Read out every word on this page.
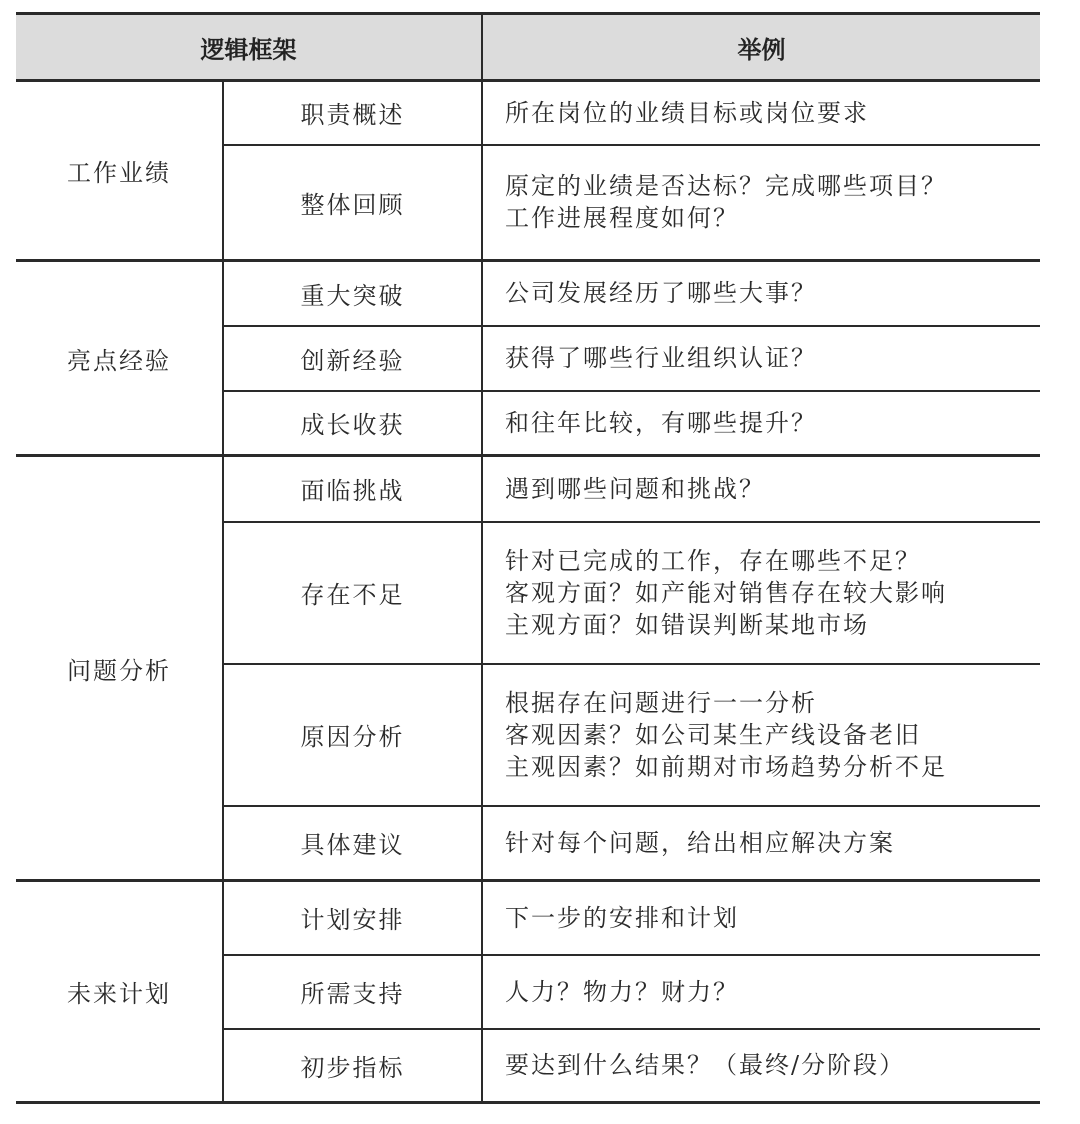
逻辑框架		举例
工作业绩	职责概述	所在岗位的业绩目标或岗位要求

	整体回顾	原定的业绩是否达标？完成哪些项目？
工作进展程度如何？

亮点经验	重大突破	公司发展经历了哪些大事？

	创新经验	获得了哪些行业组织认证？

	成长收获	和往年比较，有哪些提升？

问题分析	面临挑战	遇到哪些问题和挑战？

	存在不足	针对已完成的工作，存在哪些不足？
客观方面？如产能对销售存在较大影响
主观方面？如错误判断某地市场

	原因分析	根据存在问题进行一一分析
客观因素？如公司某生产线设备老旧
主观因素？如前期对市场趋势分析不足

	具体建议	针对每个问题，给出相应解决方案

未来计划	计划安排	下一步的安排和计划

	所需支持	人力？物力？财力？

	初步指标	要达到什么结果？（最终/分阶段）
